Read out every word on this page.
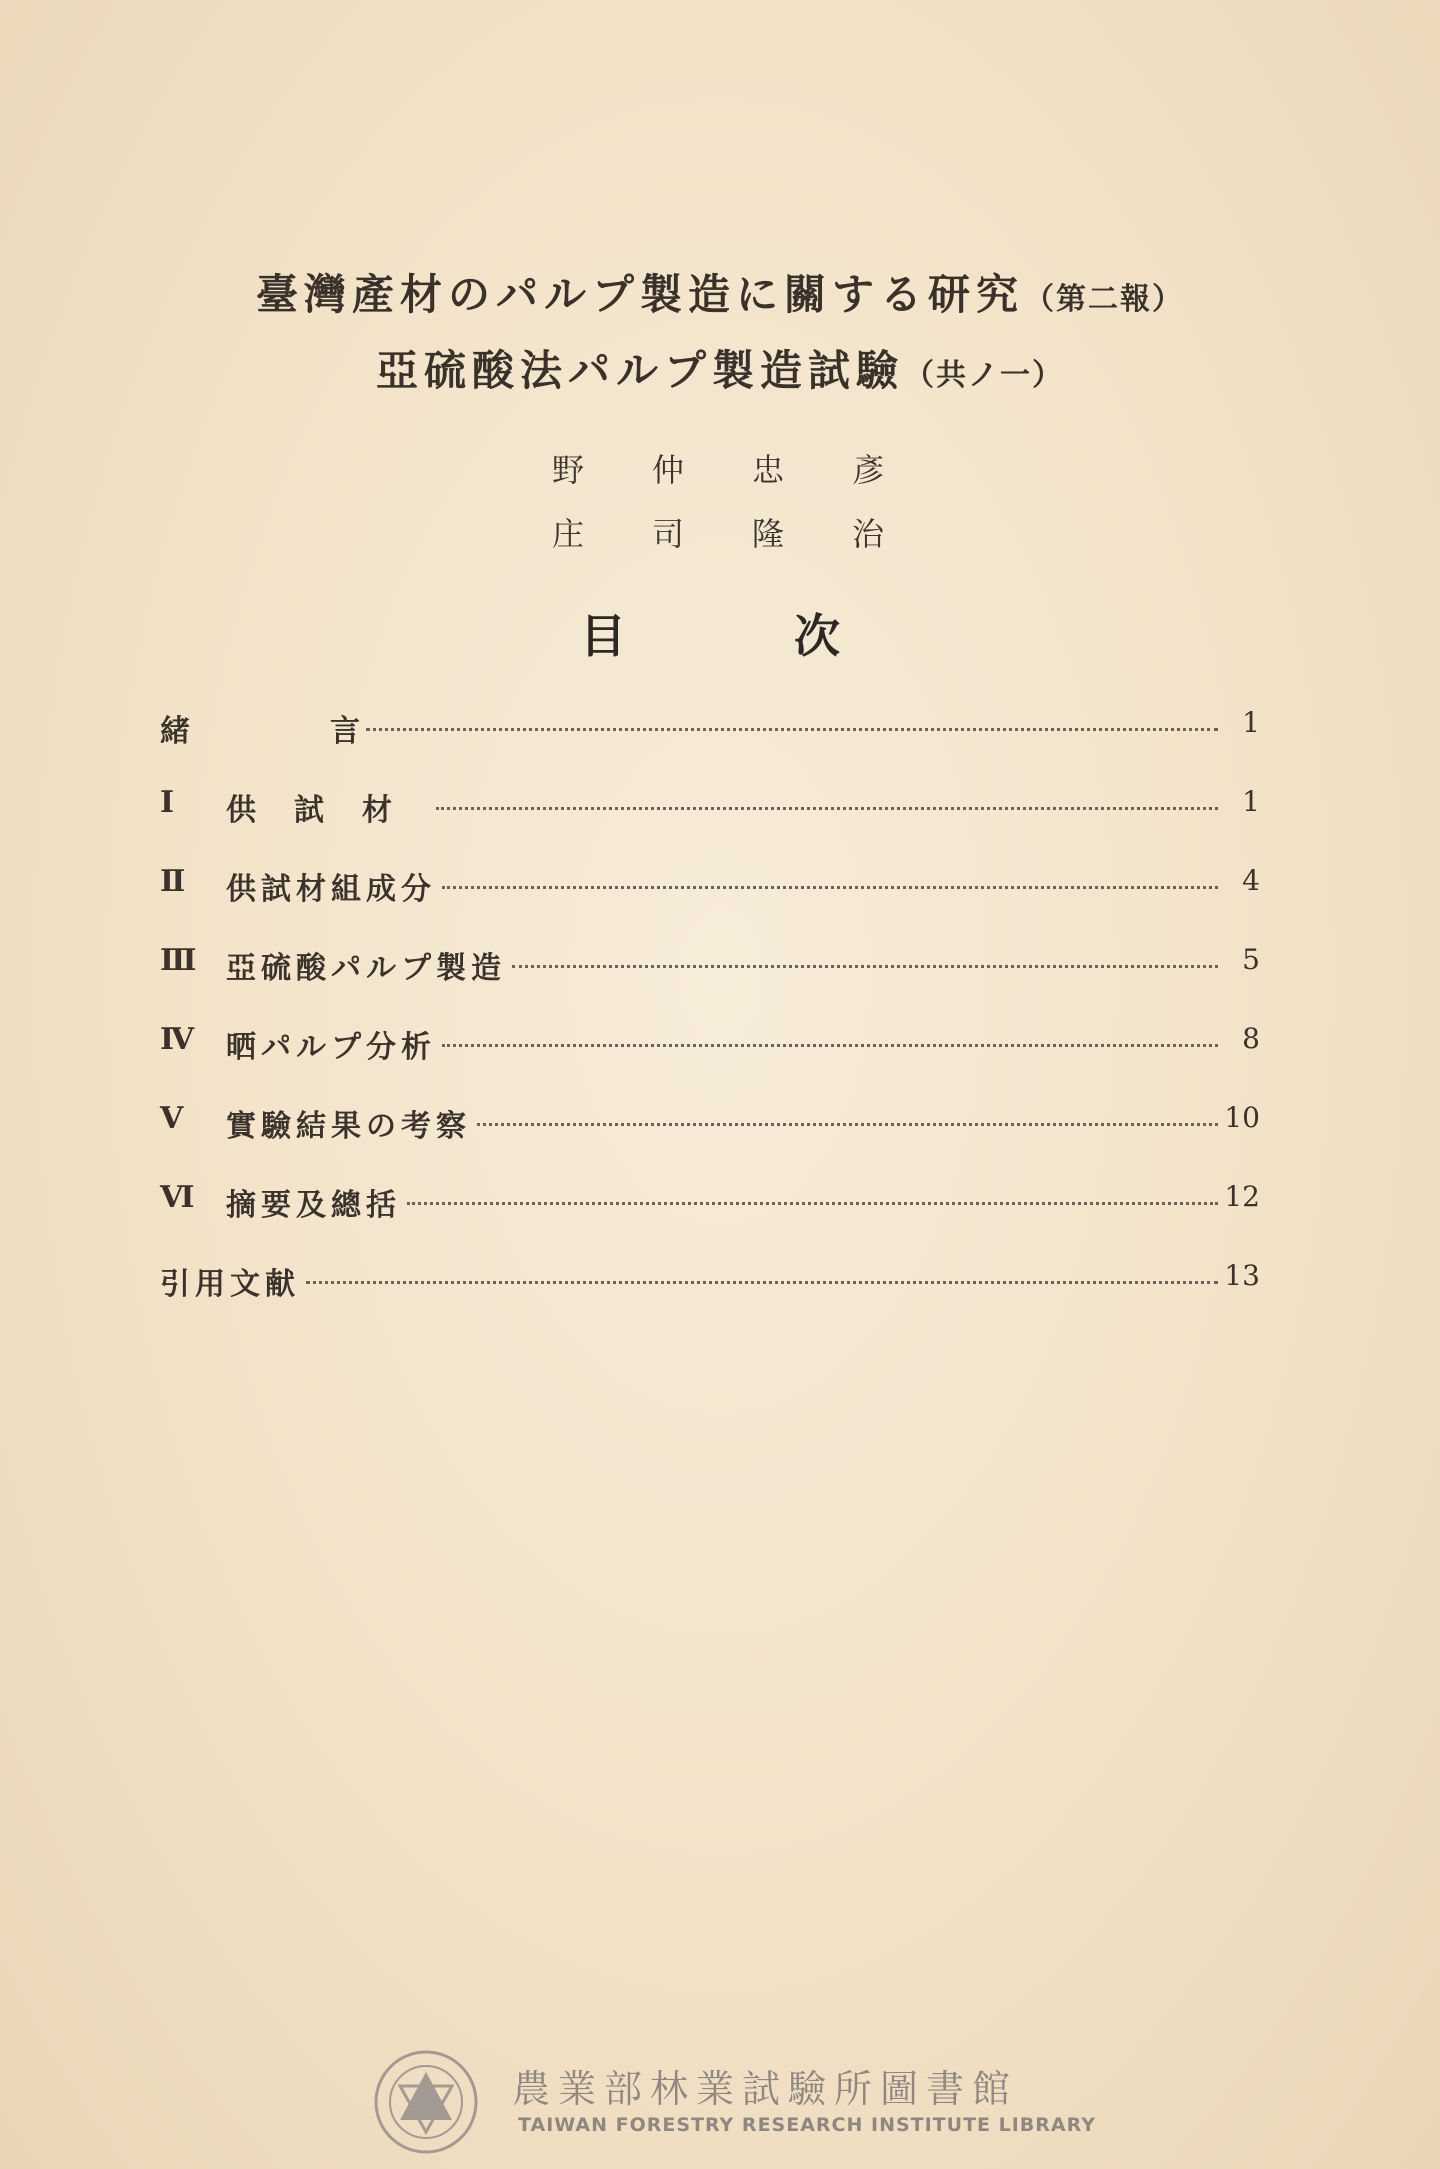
臺灣產材のパルプ製造に關する研究（第二報）
亞硫酸法パルプ製造試驗（共ノ一）
野 仲 忠 彥
庄 司 隆 治
目	次
緒	言	1
Ⅰ	供試材	1
Ⅱ	供試材組成分	4
Ⅲ 亞硫酸パルプ製造	5
Ⅳ	晒パルプ分析	8
Ⅴ	實驗結果の考察	10
Ⅵ	摘要及總括	12
引用文献	13
農業部林業試驗所圖書館
TAIWAN FORESTRY RESEARCH INSTITUTE LIBRARY
